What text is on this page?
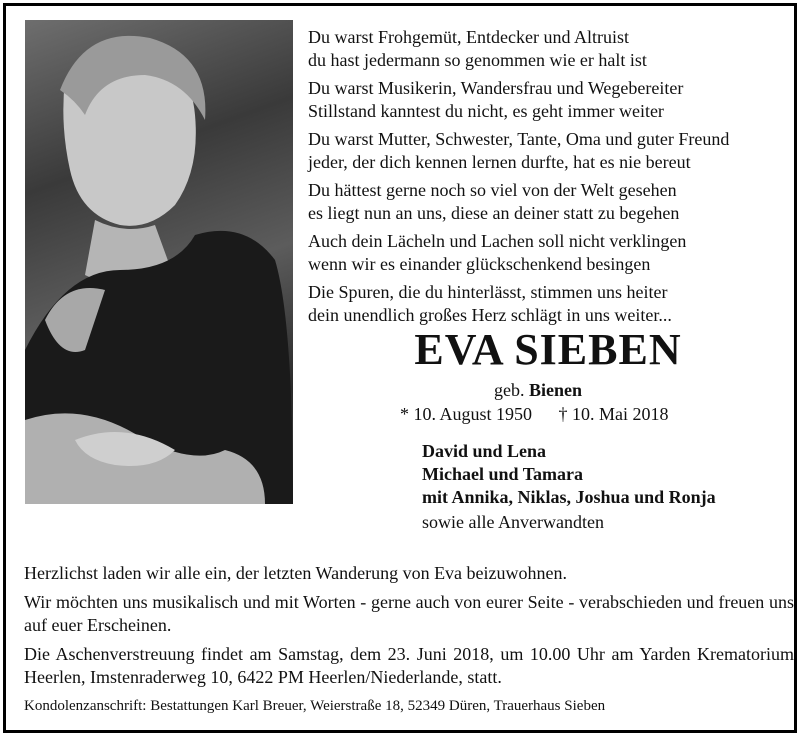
Du warst Frohgemüt, Entdecker und Altruist
du hast jedermann so genommen wie er halt ist
Du warst Musikerin, Wandersfrau und Wegebereiter
Stillstand kanntest du nicht, es geht immer weiter
Du warst Mutter, Schwester, Tante, Oma und guter Freund
jeder, der dich kennen lernen durfte, hat es nie bereut
Du hättest gerne noch so viel von der Welt gesehen
es liegt nun an uns, diese an deiner statt zu begehen
Auch dein Lächeln und Lachen soll nicht verklingen
wenn wir es einander glückschenkend besingen
Die Spuren, die du hinterlässt, stimmen uns heiter
dein unendlich großes Herz schlägt in uns weiter...
EVA SIEBEN
geb. Bienen
* 10. August 1950 † 10. Mai 2018
David und Lena
Michael und Tamara
mit Annika, Niklas, Joshua und Ronja
sowie alle Anverwandten

Herzlichst laden wir alle ein, der letzten Wanderung von Eva beizuwohnen.

Wir möchten uns musikalisch und mit Worten - gerne auch von eurer Seite - verabschieden und freuen uns auf euer Erscheinen.

Die Aschenverstreuung findet am Samstag, dem 23. Juni 2018, um 10.00 Uhr am Yarden Krematorium Heerlen, Imstenraderweg 10, 6422 PM Heerlen/Niederlande, statt.

Kondolenzanschrift: Bestattungen Karl Breuer, Weierstraße 18, 52349 Düren, Trauerhaus Sieben
